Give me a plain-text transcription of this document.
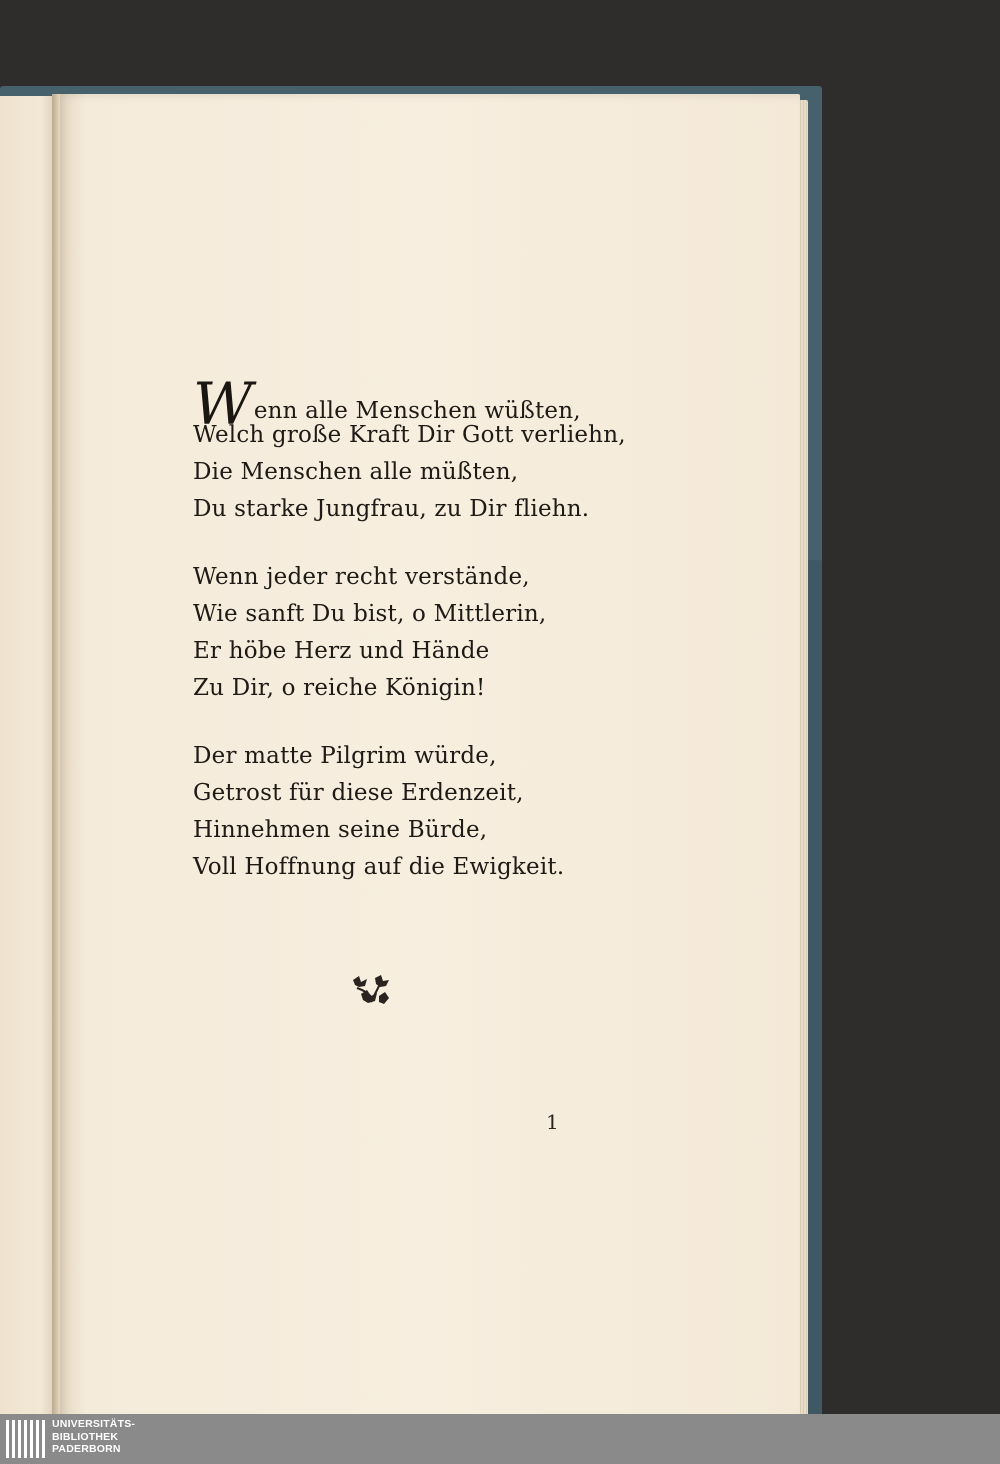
Wenn alle Menschen wüßten,
Welch große Kraft Dir Gott verliehn,
Die Menschen alle müßten,
Du starke Jungfrau, zu Dir fliehn.
Wenn jeder recht verstände,
Wie sanft Du bist, o Mittlerin,
Er höbe Herz und Hände
Zu Dir, o reiche Königin!
Der matte Pilgrim würde,
Getrost für diese Erdenzeit,
Hinnehmen seine Bürde,
Voll Hoffnung auf die Ewigkeit.
1
UNIVERSITÄTS-
BIBLIOTHEK
PADERBORN
